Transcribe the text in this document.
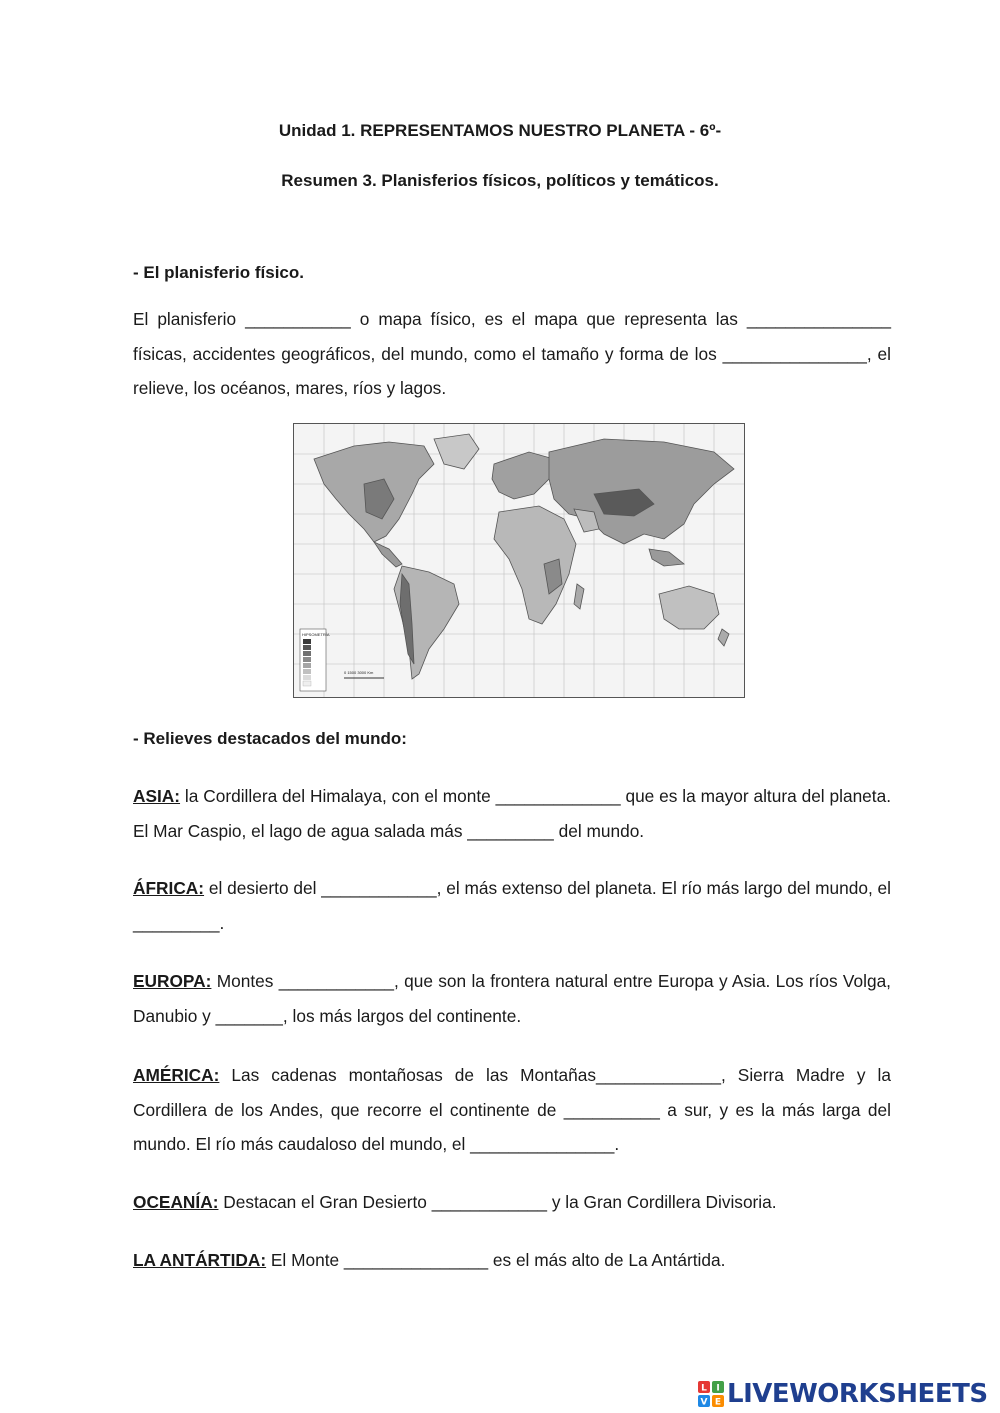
Unidad 1. REPRESENTAMOS NUESTRO PLANETA - 6º-
Resumen 3. Planisferios físicos, políticos y temáticos.
- El planisferio físico.

El planisferio ___________ o mapa físico, es el mapa que representa las _______________ físicas, accidentes geográficos, del mundo, como el tamaño y forma de los _______________, el relieve, los océanos, mares, ríos y lagos.

HIPSOMETRÍA
0 1500 3000 Km
- Relieves destacados del mundo:

ASIA: la Cordillera del Himalaya, con el monte _____________ que es la mayor altura del planeta. El Mar Caspio, el lago de agua salada más _________ del mundo.

ÁFRICA: el desierto del ____________, el más extenso del planeta. El río más largo del mundo, el _________.

EUROPA: Montes ____________, que son la frontera natural entre Europa y Asia. Los ríos Volga, Danubio y _______, los más largos del continente.

AMÉRICA: Las cadenas montañosas de las Montañas_____________, Sierra Madre y la Cordillera de los Andes, que recorre el continente de __________ a sur, y es la más larga del mundo. El río más caudaloso del mundo, el _______________.

OCEANÍA: Destacan el Gran Desierto ____________ y la Gran Cordillera Divisoria.

LA ANTÁRTIDA: El Monte _______________ es el más alto de La Antártida.

L I
V E LIVEWORKSHEETS
